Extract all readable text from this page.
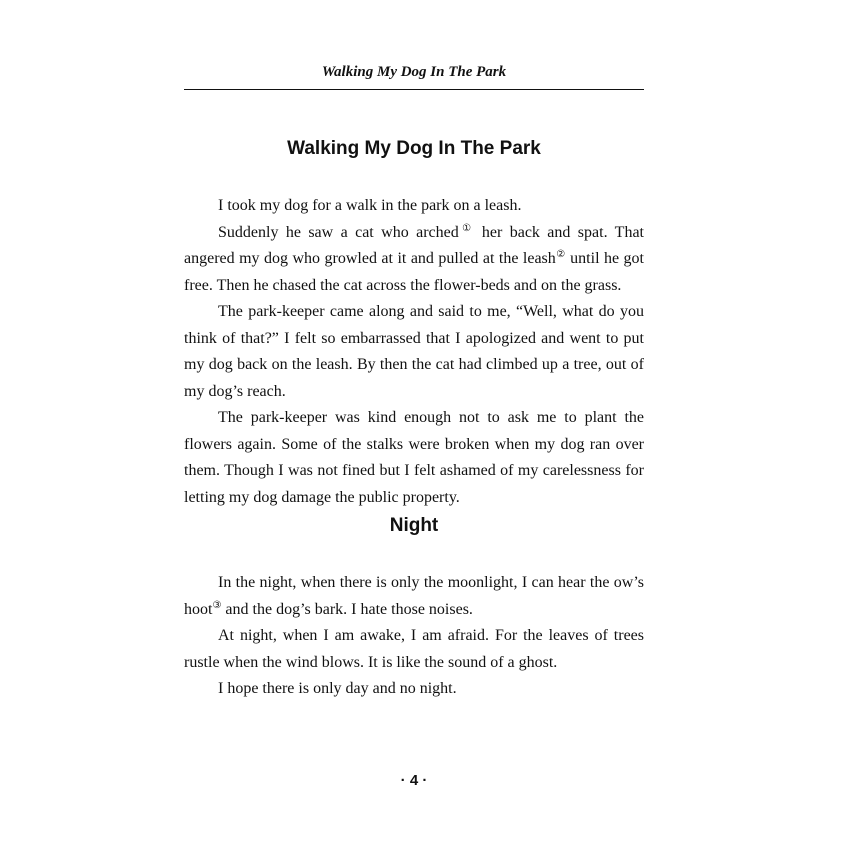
Walking My Dog In The Park
Walking My Dog In The Park

I took my dog for a walk in the park on a leash.

Suddenly he saw a cat who arched① her back and spat. That angered my dog who growled at it and pulled at the leash② until he got free. Then he chased the cat across the flower-beds and on the grass.

The park-keeper came along and said to me, “Well, what do you think of that?” I felt so embarrassed that I apologized and went to put my dog back on the leash. By then the cat had climbed up a tree, out of my dog’s reach.

The park-keeper was kind enough not to ask me to plant the flowers again. Some of the stalks were broken when my dog ran over them. Though I was not fined but I felt ashamed of my carelessness for letting my dog damage the public property.

Night

In the night, when there is only the moonlight, I can hear the ow’s hoot③ and the dog’s bark. I hate those noises.

At night, when I am awake, I am afraid. For the leaves of trees rustle when the wind blows. It is like the sound of a ghost.

I hope there is only day and no night.

· 4 ·
